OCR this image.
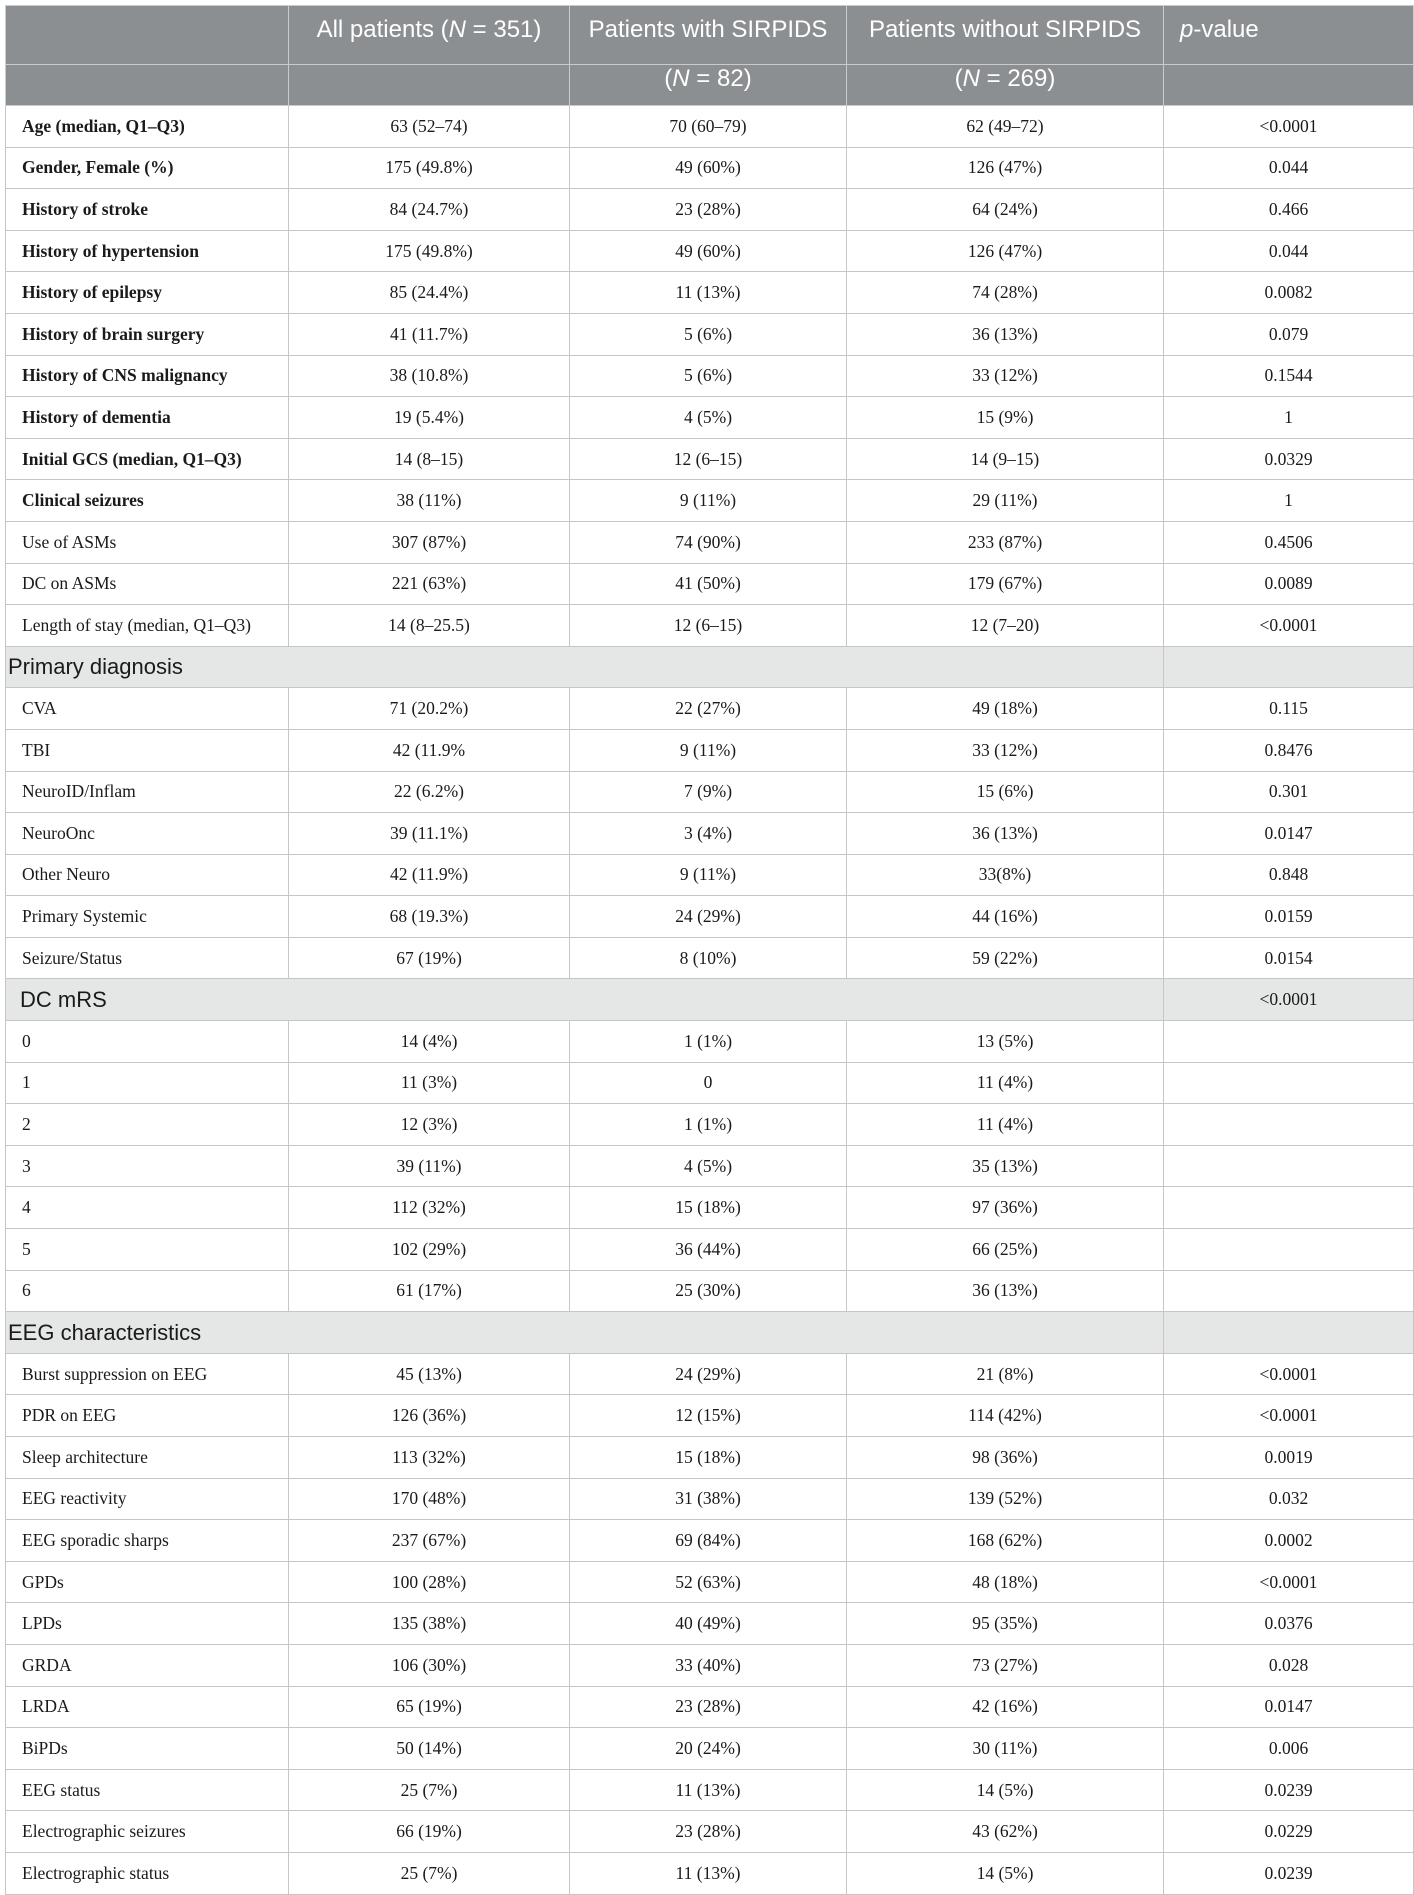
	All patients (N = 351)	Patients with SIRPIDS	Patients without SIRPIDS	p-value
		(N = 82)	(N = 269)	
Age (median, Q1–Q3)	63 (52–74)	70 (60–79)	62 (49–72)	<0.0001
Gender, Female (%)	175 (49.8%)	49 (60%)	126 (47%)	0.044
History of stroke	84 (24.7%)	23 (28%)	64 (24%)	0.466
History of hypertension	175 (49.8%)	49 (60%)	126 (47%)	0.044
History of epilepsy	85 (24.4%)	11 (13%)	74 (28%)	0.0082
History of brain surgery	41 (11.7%)	5 (6%)	36 (13%)	0.079
History of CNS malignancy	38 (10.8%)	5 (6%)	33 (12%)	0.1544
History of dementia	19 (5.4%)	4 (5%)	15 (9%)	1
Initial GCS (median, Q1–Q3)	14 (8–15)	12 (6–15)	14 (9–15)	0.0329
Clinical seizures	38 (11%)	9 (11%)	29 (11%)	1
Use of ASMs	307 (87%)	74 (90%)	233 (87%)	0.4506
DC on ASMs	221 (63%)	41 (50%)	179 (67%)	0.0089
Length of stay (median, Q1–Q3)	14 (8–25.5)	12 (6–15)	12 (7–20)	<0.0001
Primary diagnosis				
CVA	71 (20.2%)	22 (27%)	49 (18%)	0.115
TBI	42 (11.9%	9 (11%)	33 (12%)	0.8476
NeuroID/Inflam	22 (6.2%)	7 (9%)	15 (6%)	0.301
NeuroOnc	39 (11.1%)	3 (4%)	36 (13%)	0.0147
Other Neuro	42 (11.9%)	9 (11%)	33(8%)	0.848
Primary Systemic	68 (19.3%)	24 (29%)	44 (16%)	0.0159
Seizure/Status	67 (19%)	8 (10%)	59 (22%)	0.0154
DC mRS				<0.0001
0	14 (4%)	1 (1%)	13 (5%)	
1	11 (3%)	0	11 (4%)	
2	12 (3%)	1 (1%)	11 (4%)	
3	39 (11%)	4 (5%)	35 (13%)	
4	112 (32%)	15 (18%)	97 (36%)	
5	102 (29%)	36 (44%)	66 (25%)	
6	61 (17%)	25 (30%)	36 (13%)	
EEG characteristics				
Burst suppression on EEG	45 (13%)	24 (29%)	21 (8%)	<0.0001
PDR on EEG	126 (36%)	12 (15%)	114 (42%)	<0.0001
Sleep architecture	113 (32%)	15 (18%)	98 (36%)	0.0019
EEG reactivity	170 (48%)	31 (38%)	139 (52%)	0.032
EEG sporadic sharps	237 (67%)	69 (84%)	168 (62%)	0.0002
GPDs	100 (28%)	52 (63%)	48 (18%)	<0.0001
LPDs	135 (38%)	40 (49%)	95 (35%)	0.0376
GRDA	106 (30%)	33 (40%)	73 (27%)	0.028
LRDA	65 (19%)	23 (28%)	42 (16%)	0.0147
BiPDs	50 (14%)	20 (24%)	30 (11%)	0.006
EEG status	25 (7%)	11 (13%)	14 (5%)	0.0239
Electrographic seizures	66 (19%)	23 (28%)	43 (62%)	0.0229
Electrographic status	25 (7%)	11 (13%)	14 (5%)	0.0239
